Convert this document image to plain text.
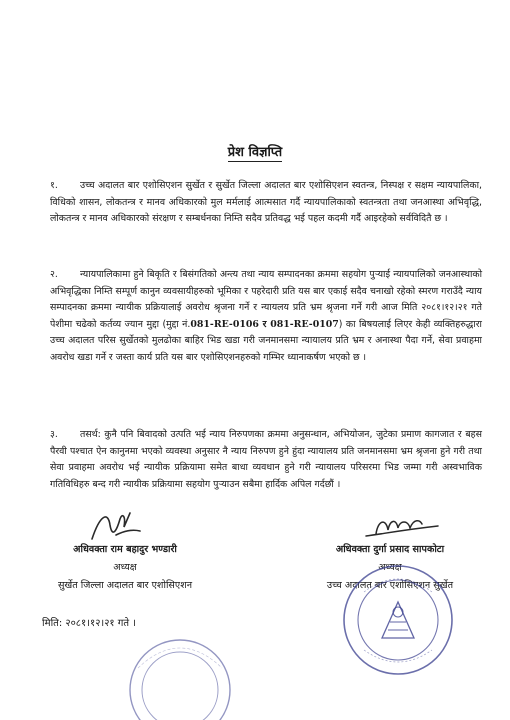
प्रेश विज्ञप्ति

१. उच्च अदालत बार एशोसिएशन सुर्खेत र सुर्खेत जिल्ला अदालत बार एशोसिएशन स्वतन्त्र, निस्पक्ष र सक्षम न्यायपालिका, विधिको शासन, लोकतन्त्र र मानव अधिकारको मुल मर्मलाई आत्मसात गर्दै न्यायपालिकाको स्वतन्त्रता तथा जनआस्था अभिवृद्धि, लोकतन्त्र र मानव अधिकारको संरक्षण र सम्बर्धनका निम्ति सदैव प्रतिवद्ध भई पहल कदमी गर्दै आइरहेको सर्वविदितै छ ।

२. न्यायपालिकामा हुने बिकृति र बिसंगतिको अन्त्य तथा न्याय सम्पादनका क्रममा सहयोग पुऱ्याई न्यायपालिको जनआस्थाको अभिवृद्धिका निम्ति सम्पूर्ण कानुन व्यवसायीहरुको भूमिका र पहरेदारी प्रति यस बार एकाई सदैव चनाखो रहेको स्मरण गराउँदै न्याय सम्पादनका क्रममा न्यायीक प्रक्रियालाई अवरोध श्रृजना गर्ने र न्यायलय प्रति भ्रम श्रृजना गर्ने गरी आज मिति २०८१।१२।२१ गते पेशीमा चढेको कर्तव्य ज्यान मुद्दा (मुद्दा नं.081-RE-0106 र 081-RE-0107) का बिषयलाई लिएर केही व्यक्तिहरुद्धारा उच्च अदालत परिस सुर्खेतको मुलढोका बाहिर भिड खडा गरी जनमानसमा न्यायालय प्रति भ्रम र अनास्था पैदा गर्ने, सेवा प्रवाहमा अवरोध खडा गर्ने र जस्ता कार्य प्रति यस बार एशोसिएशनहरुको गम्भिर ध्यानाकर्षण भएको छ ।

३. तसर्थ: कुनै पनि बिवादको उत्पति भई न्याय निरुपणका क्रममा अनुसन्धान, अभियोजन, जुटेका प्रमाण कागजात र बहस पैरवी पश्चात ऐन कानुनमा भएको व्यवस्था अनुसार नै न्याय निरुपण हुने हुंदा न्यायालय प्रति जनमानसमा भ्रम श्रृजना हुने गरी तथा सेवा प्रवाहमा अवरोध भई न्यायीक प्रक्रियामा समेत बाधा व्यवधान हुने गरी न्यायालय परिसरमा भिड जम्मा गरी अस्वभाविक गतिविधिहरु बन्द गरी न्यायीक प्रक्रियामा सहयोग पुऱ्याउन सबैमा हार्दिक अपिल गर्दछौं ।

अधिवक्ता राम बहादुर भण्डारी
अध्यक्ष
सुर्खेत जिल्ला अदालत बार एशोसिएशन
अधिवक्ता दुर्गा प्रसाद सापकोटा
अध्यक्ष
उच्च अदालत बार एशोसिएशन सुर्खेत
मिति: २०८१।१२।२१ गते ।
